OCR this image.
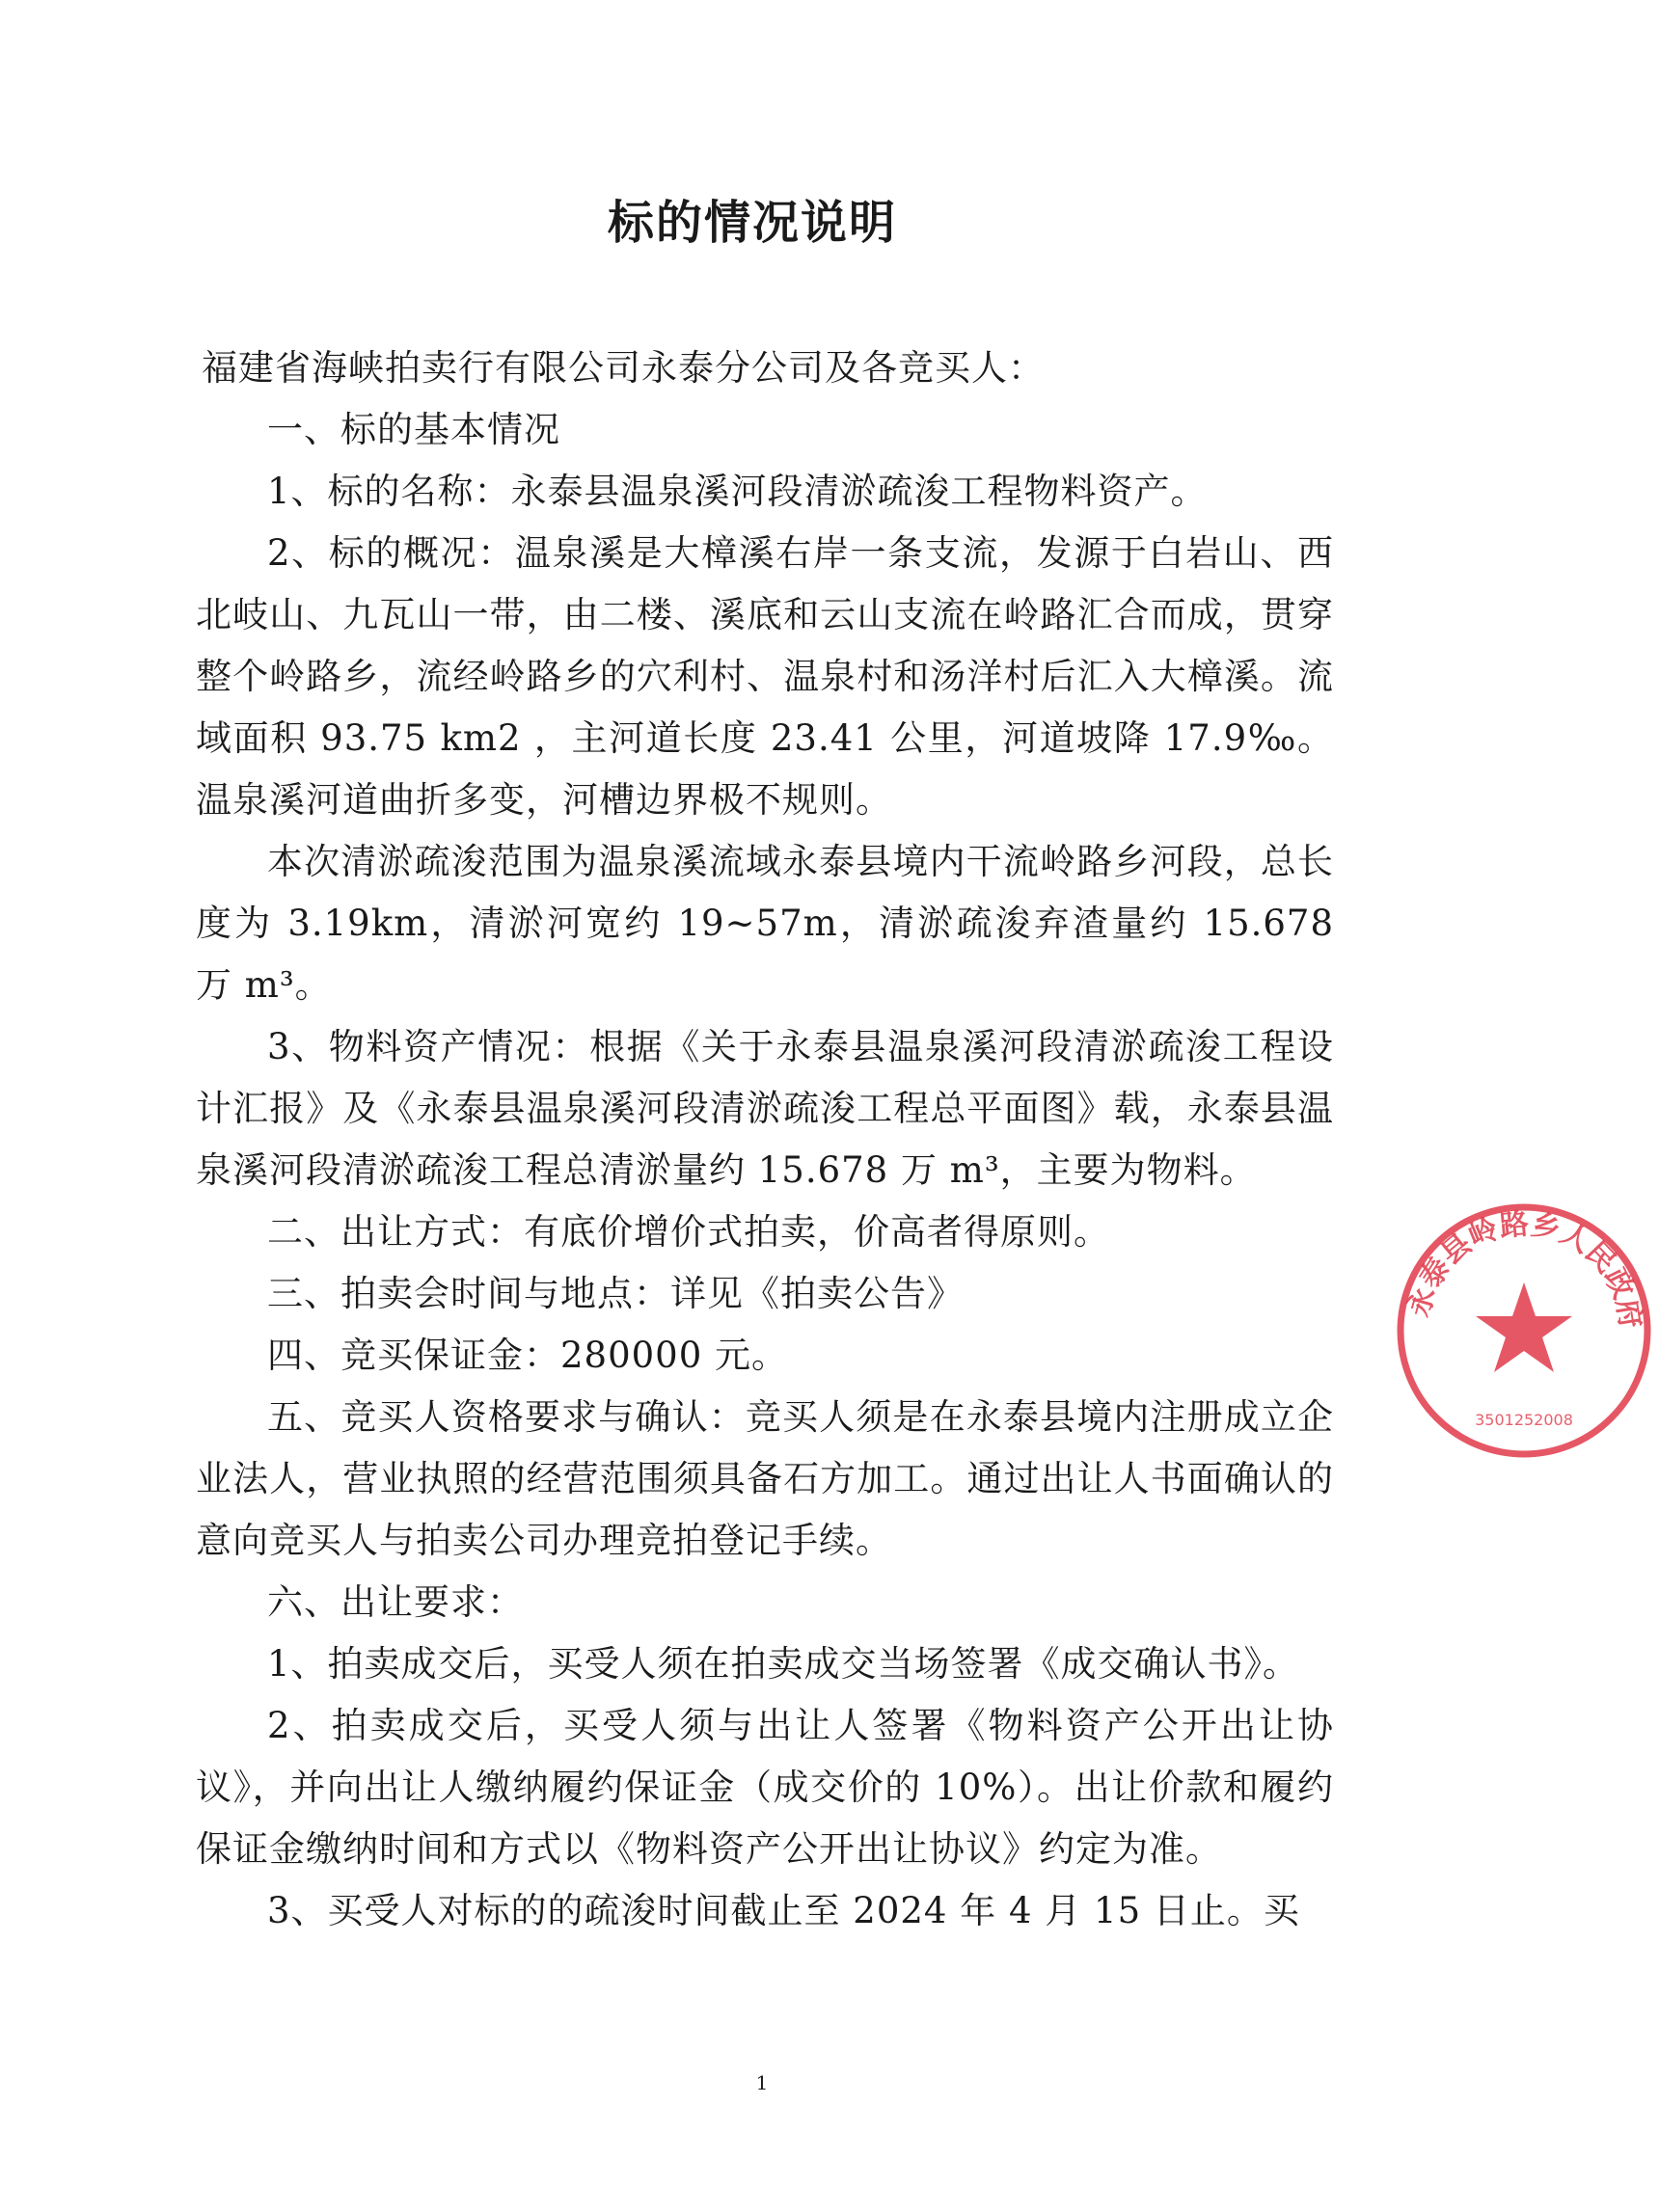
标的情况说明

福建省海峡拍卖行有限公司永泰分公司及各竞买人：

一、标的基本情况

1、标的名称：永泰县温泉溪河段清淤疏浚工程物料资产。

2、标的概况：温泉溪是大樟溪右岸一条支流，发源于白岩山、西北岐山、九瓦山一带，由二楼、溪底和云山支流在岭路汇合而成，贯穿整个岭路乡，流经岭路乡的穴利村、温泉村和汤洋村后汇入大樟溪。流域面积 93.75 km2 ，主河道长度 23.41 公里，河道坡降 17.9‰。温泉溪河道曲折多变，河槽边界极不规则。

本次清淤疏浚范围为温泉溪流域永泰县境内干流岭路乡河段，总长度为 3.19km，清淤河宽约 19~57m，清淤疏浚弃渣量约 15.678 万 m³。

3、物料资产情况：根据《关于永泰县温泉溪河段清淤疏浚工程设计汇报》及《永泰县温泉溪河段清淤疏浚工程总平面图》载，永泰县温泉溪河段清淤疏浚工程总清淤量约 15.678 万 m³，主要为物料。

二、出让方式：有底价增价式拍卖，价高者得原则。

三、拍卖会时间与地点：详见《拍卖公告》

四、竞买保证金：280000 元。

五、竞买人资格要求与确认：竞买人须是在永泰县境内注册成立企业法人，营业执照的经营范围须具备石方加工。通过出让人书面确认的意向竞买人与拍卖公司办理竞拍登记手续。

六、出让要求：

1、拍卖成交后，买受人须在拍卖成交当场签署《成交确认书》。

2、拍卖成交后，买受人须与出让人签署《物料资产公开出让协议》，并向出让人缴纳履约保证金（成交价的 10%）。出让价款和履约保证金缴纳时间和方式以《物料资产公开出让协议》约定为准。

3、买受人对标的的疏浚时间截止至 2024 年 4 月 15 日止。买

永泰县岭路乡人民政府
3501252008
1
